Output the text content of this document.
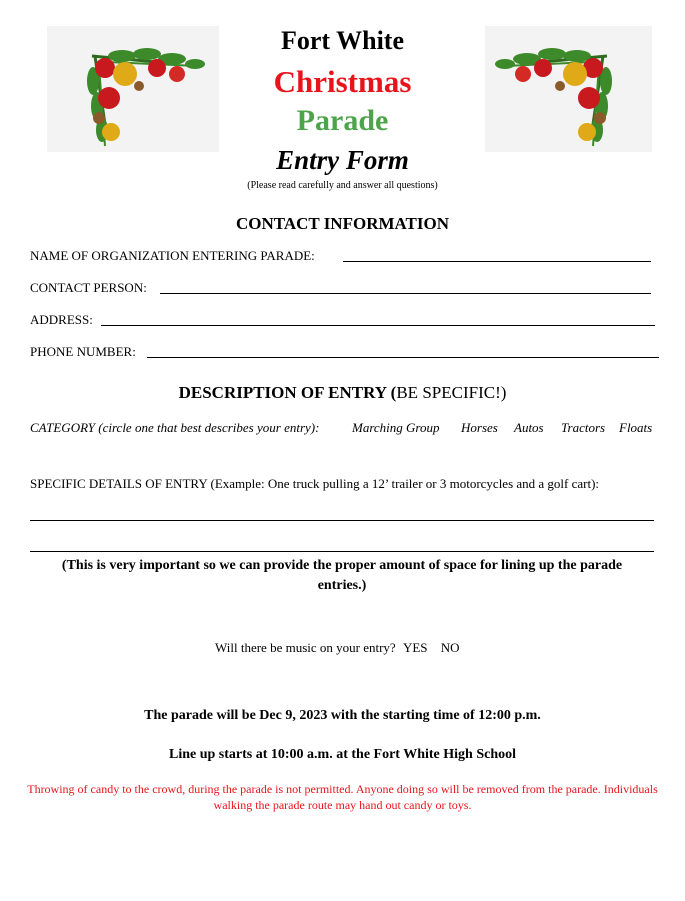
Fort White
Christmas
Parade
Entry Form
(Please read carefully and answer all questions)
CONTACT INFORMATION
NAME OF ORGANIZATION ENTERING PARADE:
CONTACT PERSON:
ADDRESS:
PHONE NUMBER:
DESCRIPTION OF ENTRY (BE SPECIFIC!)
CATEGORY (circle one that best describes your entry):	Marching Group Horses Autos Tractors Floats
SPECIFIC DETAILS OF ENTRY (Example: One truck pulling a 12’ trailer or 3 motorcycles and a golf cart):
(This is very important so we can provide the proper amount of space for lining up the parade entries.)
Will there be music on your entry? YES NO
The parade will be Dec 9, 2023 with the starting time of 12:00 p.m.
Line up starts at 10:00 a.m. at the Fort White High School
Throwing of candy to the crowd, during the parade is not permitted. Anyone doing so will be removed from the parade. Individuals walking the parade route may hand out candy or toys.
